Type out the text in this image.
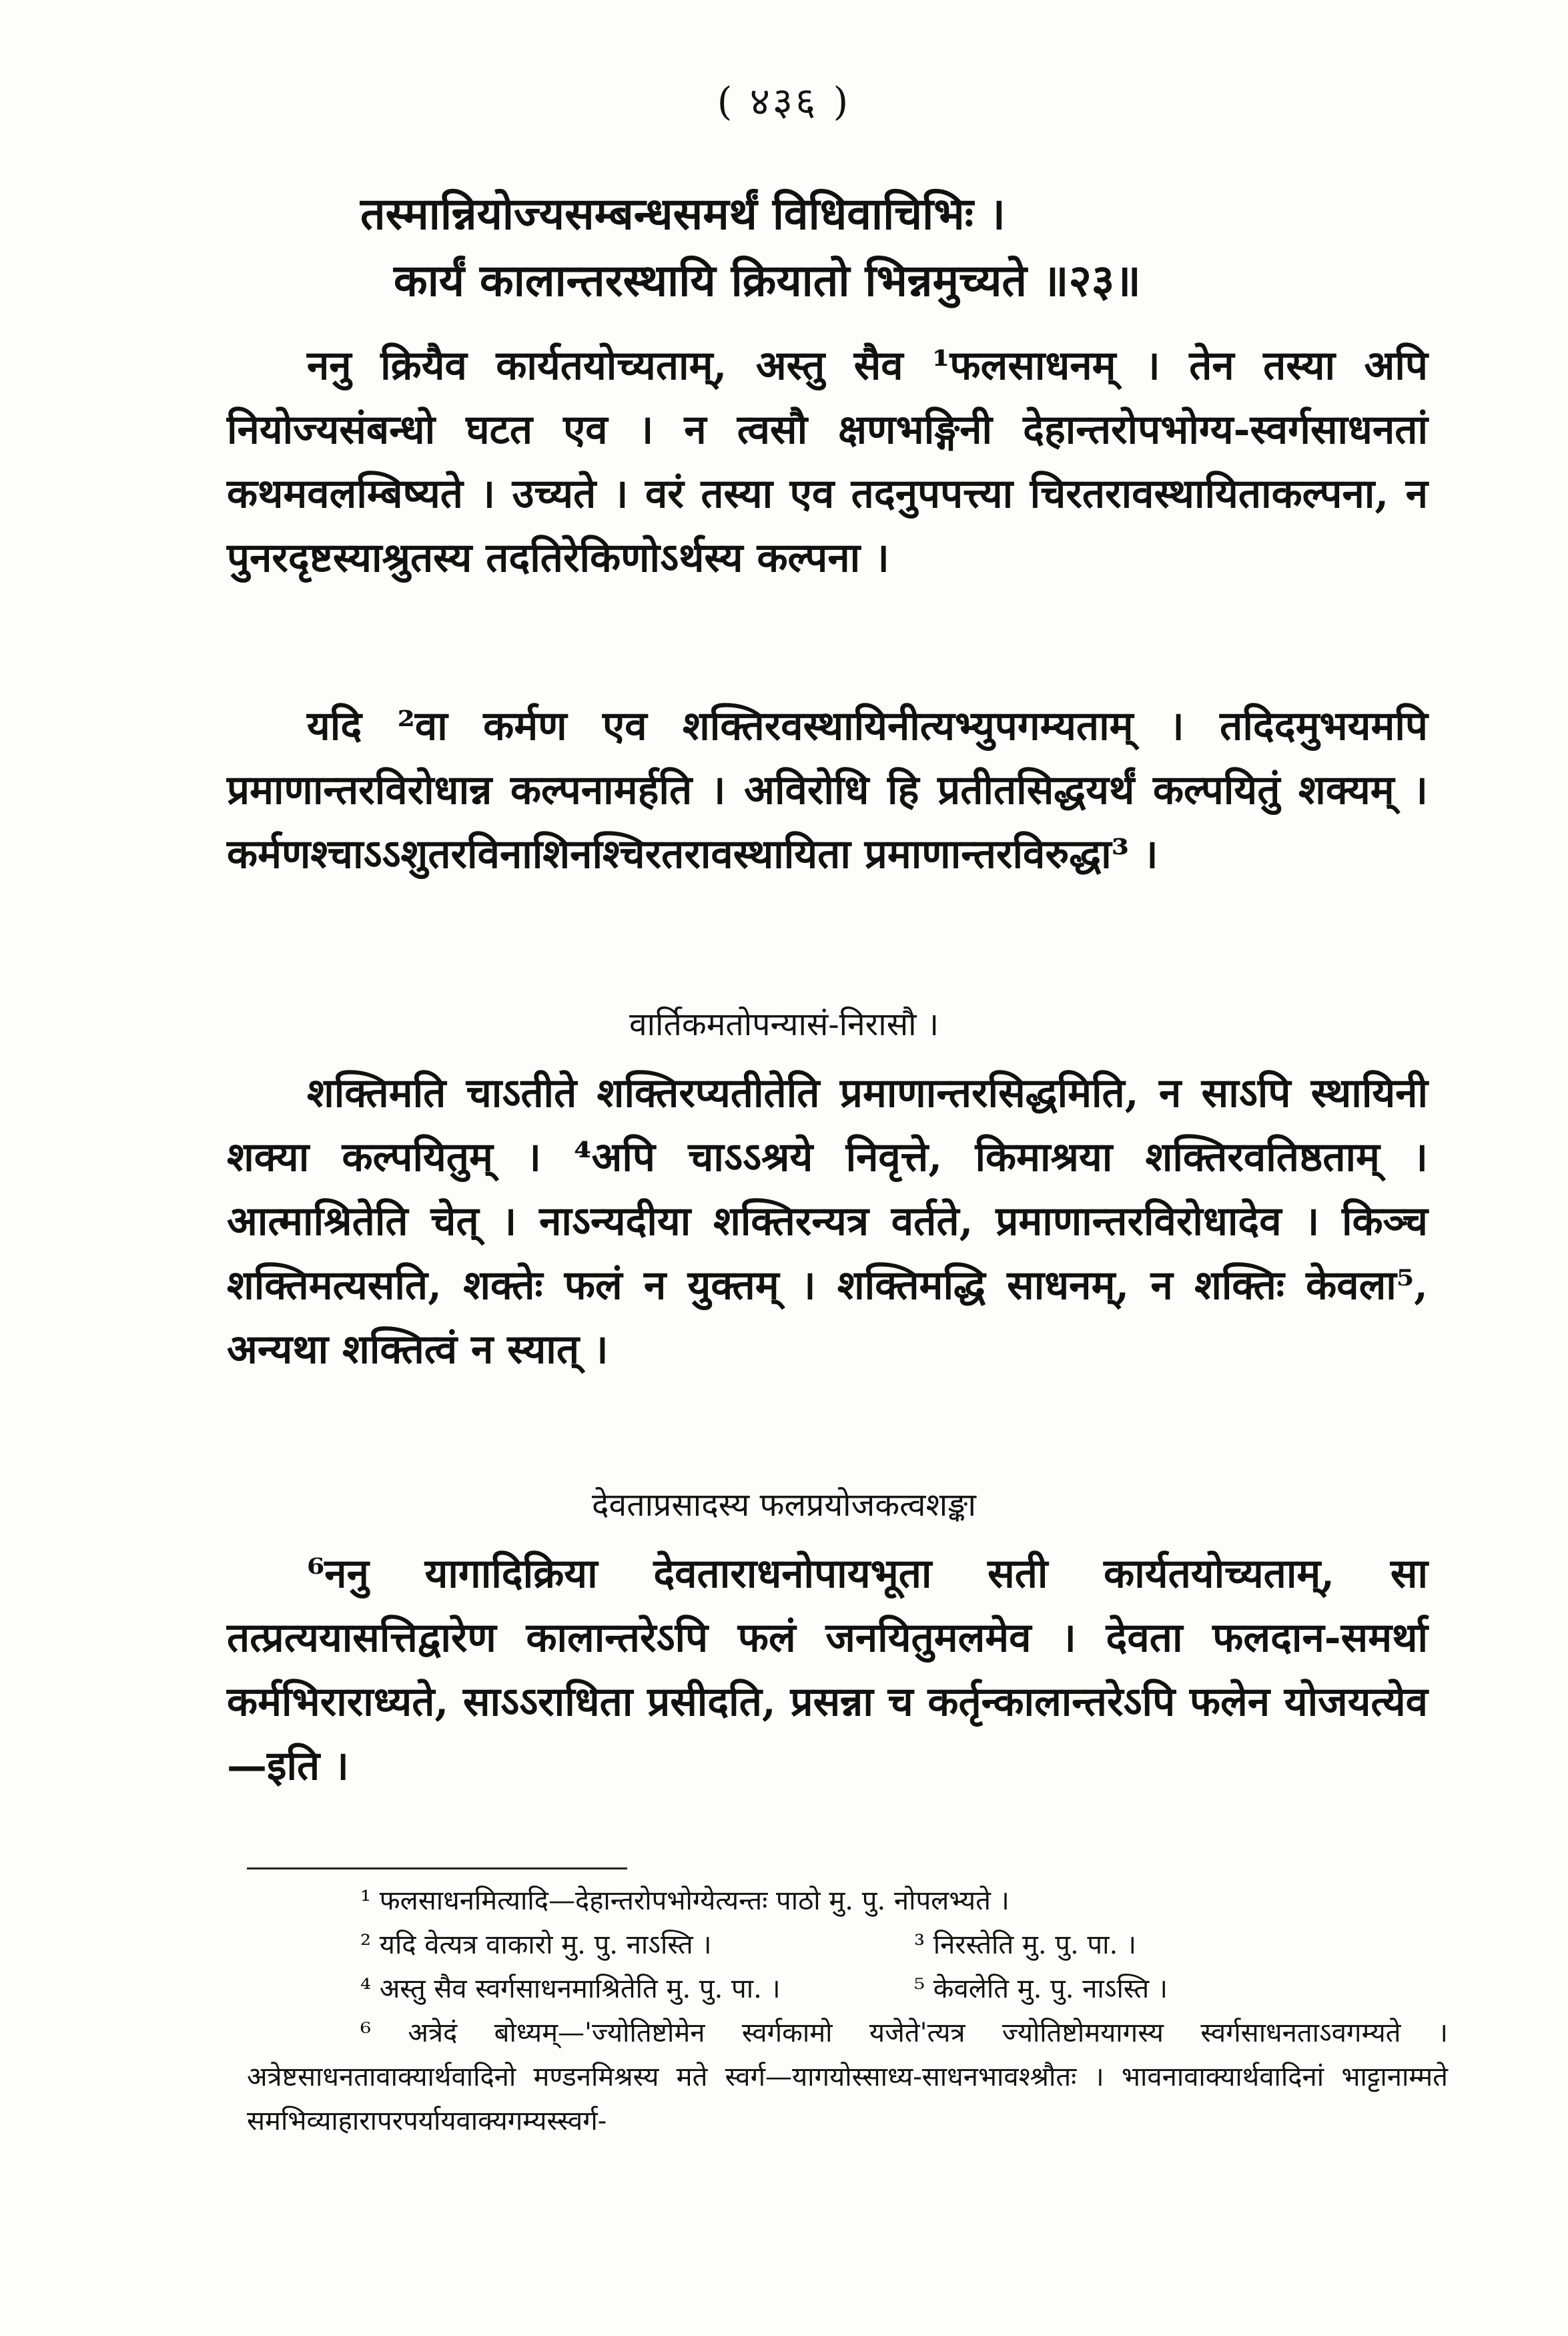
( ४३६ )
तस्मान्नियोज्यसम्बन्धसमर्थं विधिवाचिभिः ।
कार्यं कालान्तरस्थायि क्रियातो भिन्नमुच्यते ॥२३॥
ननु क्रियैव कार्यतयोच्यताम्, अस्तु सैव ¹फलसाधनम् । तेन तस्या अपि नियोज्यसंबन्धो घटत एव । न त्वसौ क्षणभङ्गिनी देहान्तरोपभोग्य-स्वर्गसाधनतां कथमवलम्बिष्यते । उच्यते । वरं तस्या एव तदनुपपत्त्या चिरतरावस्थायिताकल्पना, न पुनरदृष्टस्याश्रुतस्य तदतिरेकिणोऽर्थस्य कल्पना ।
यदि ²वा कर्मण एव शक्तिरवस्थायिनीत्यभ्युपगम्यताम् । तदिदमुभयमपि प्रमाणान्तरविरोधान्न कल्पनामर्हति । अविरोधि हि प्रतीतसिद्धयर्थं कल्पयितुं शक्यम् । कर्मणश्चाऽऽशुतरविनाशिनश्चिरतरावस्थायिता प्रमाणान्तरविरुद्धा³ ।
वार्तिकमतोपन्यासं-निरासौ ।
शक्तिमति चाऽतीते शक्तिरप्यतीतेति प्रमाणान्तरसिद्धमिति, न साऽपि स्थायिनी शक्या कल्पयितुम् । ⁴अपि चाऽऽश्रये निवृत्ते, किमाश्रया शक्तिरवतिष्ठताम् । आत्माश्रितेति चेत् । नाऽन्यदीया शक्तिरन्यत्र वर्तते, प्रमाणान्तरविरोधादेव । किञ्च शक्तिमत्यसति, शक्तेः फलं न युक्तम् । शक्तिमद्धि साधनम्, न शक्तिः केवला⁵, अन्यथा शक्तित्वं न स्यात् ।
देवताप्रसादस्य फलप्रयोजकत्वशङ्का
⁶ननु यागादिक्रिया देवताराधनोपायभूता सती कार्यतयोच्यताम्, सा तत्प्रत्ययासत्तिद्वारेण कालान्तरेऽपि फलं जनयितुमलमेव । देवता फलदान-समर्था कर्मभिराराध्यते, साऽऽराधिता प्रसीदति, प्रसन्ना च कर्तृन्कालान्तरेऽपि फलेन योजयत्येव—इति ।
¹ फलसाधनमित्यादि—देहान्तरोपभोग्येत्यन्तः पाठो मु. पु. नोपलभ्यते ।
² यदि वेत्यत्र वाकारो मु. पु. नाऽस्ति ।	³ निरस्तेति मु. पु. पा. ।
⁴ अस्तु सैव स्वर्गसाधनमाश्रितेति मु. पु. पा. ।	⁵ केवलेति मु. पु. नाऽस्ति ।
⁶ अत्रेदं बोध्यम्—'ज्योतिष्टोमेन स्वर्गकामो यजेते'त्यत्र ज्योतिष्टोमयागस्य स्वर्गसाधनताऽवगम्यते । अत्रेष्टसाधनतावाक्यार्थवादिनो मण्डनमिश्रस्य मते स्वर्ग—यागयोस्साध्य-साधनभावश्श्रौतः । भावनावाक्यार्थवादिनां भाट्टानाम्मते समभिव्याहारापरपर्यायवाक्यगम्यस्स्वर्ग-
